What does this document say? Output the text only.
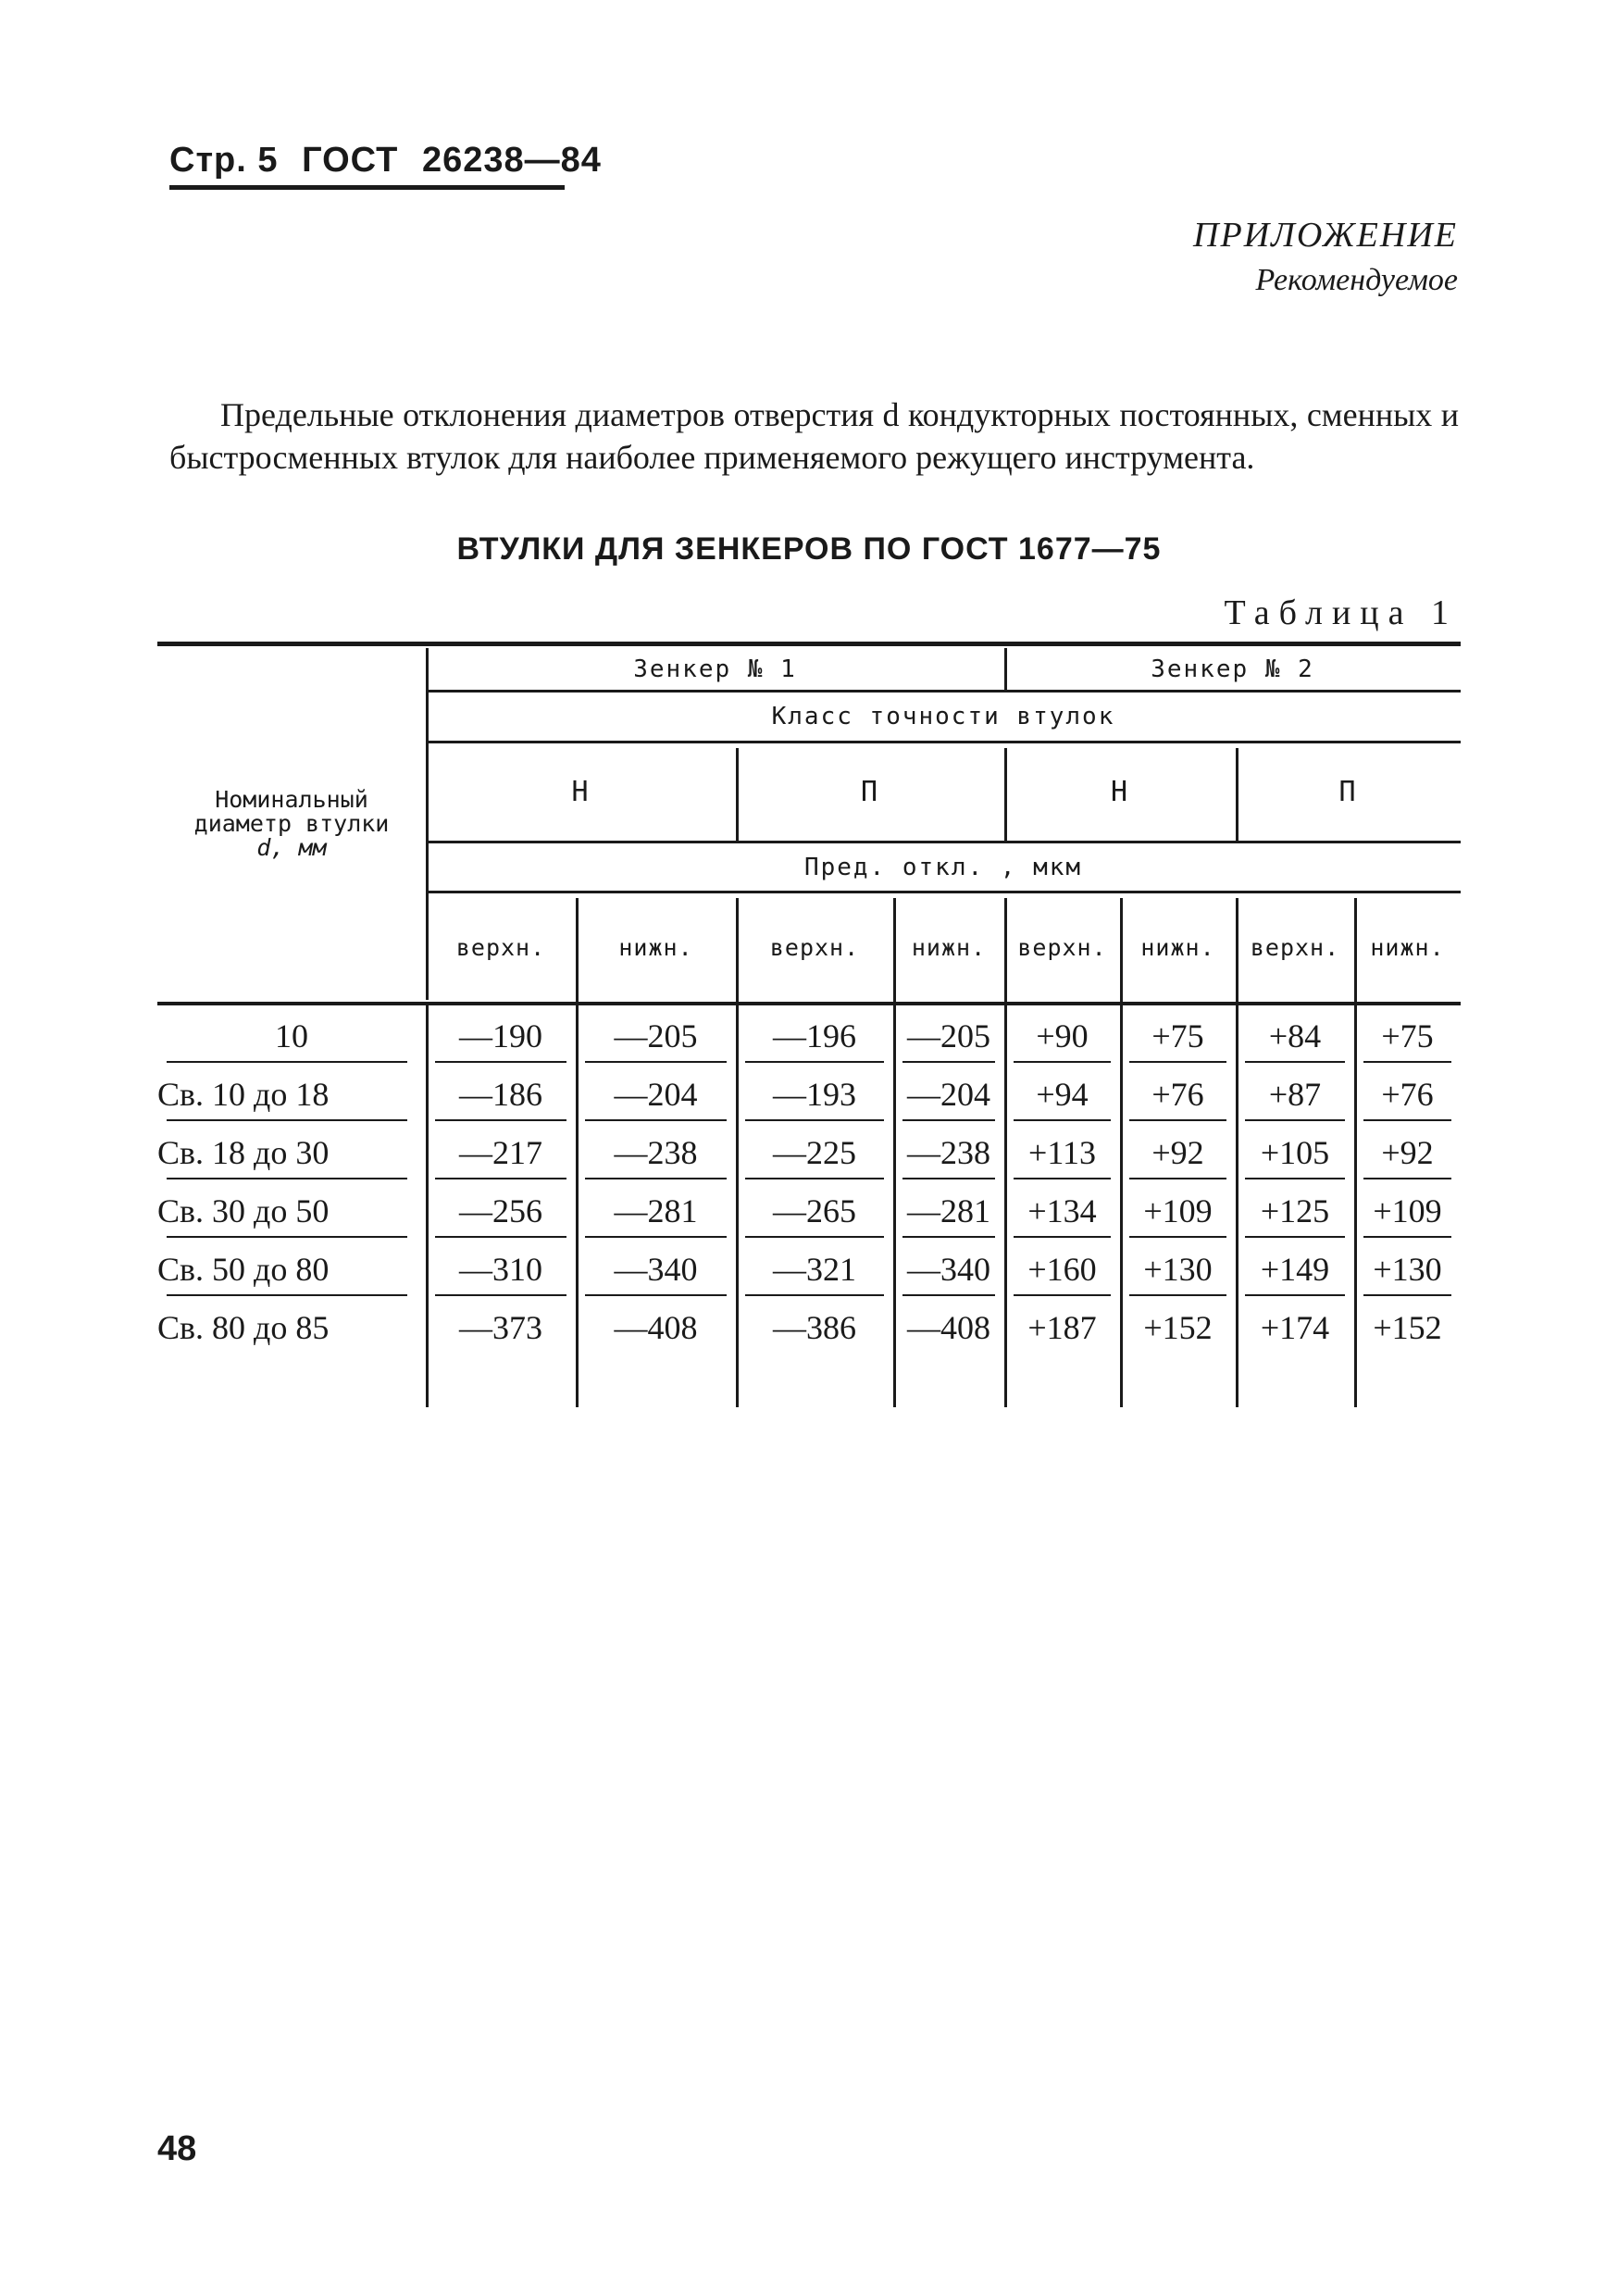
Стр. 5 ГОСТ 26238—84
ПРИЛОЖЕНИЕ
Рекомендуемое
Предельные отклонения диаметров отверстия d кондукторных постоянных, сменных и быстросменных втулок для наиболее применяемого режущего инструмента.
ВТУЛКИ ДЛЯ ЗЕНКЕРОВ ПО ГОСТ 1677—75
Таблица 1
Номинальный
диаметр втулки
d, мм
Зенкер № 1	Зенкер № 2
Класс точности втулок
Н	П	Н	П
Пред. откл. , мкм
верхн.	нижн.	верхн.	нижн.	верхн.	нижн.	верхн.	нижн.
10	—190	—205	—196	—205	+90	+75	+84	+75
Св. 10 до 18	—186	—204	—193	—204	+94	+76	+87	+76
Св. 18 до 30	—217	—238	—225	—238	+113	+92	+105	+92
Св. 30 до 50	—256	—281	—265	—281	+134	+109	+125	+109
Св. 50 до 80	—310	—340	—321	—340	+160	+130	+149	+130
Св. 80 до 85	—373	—408	—386	—408	+187	+152	+174	+152
48
